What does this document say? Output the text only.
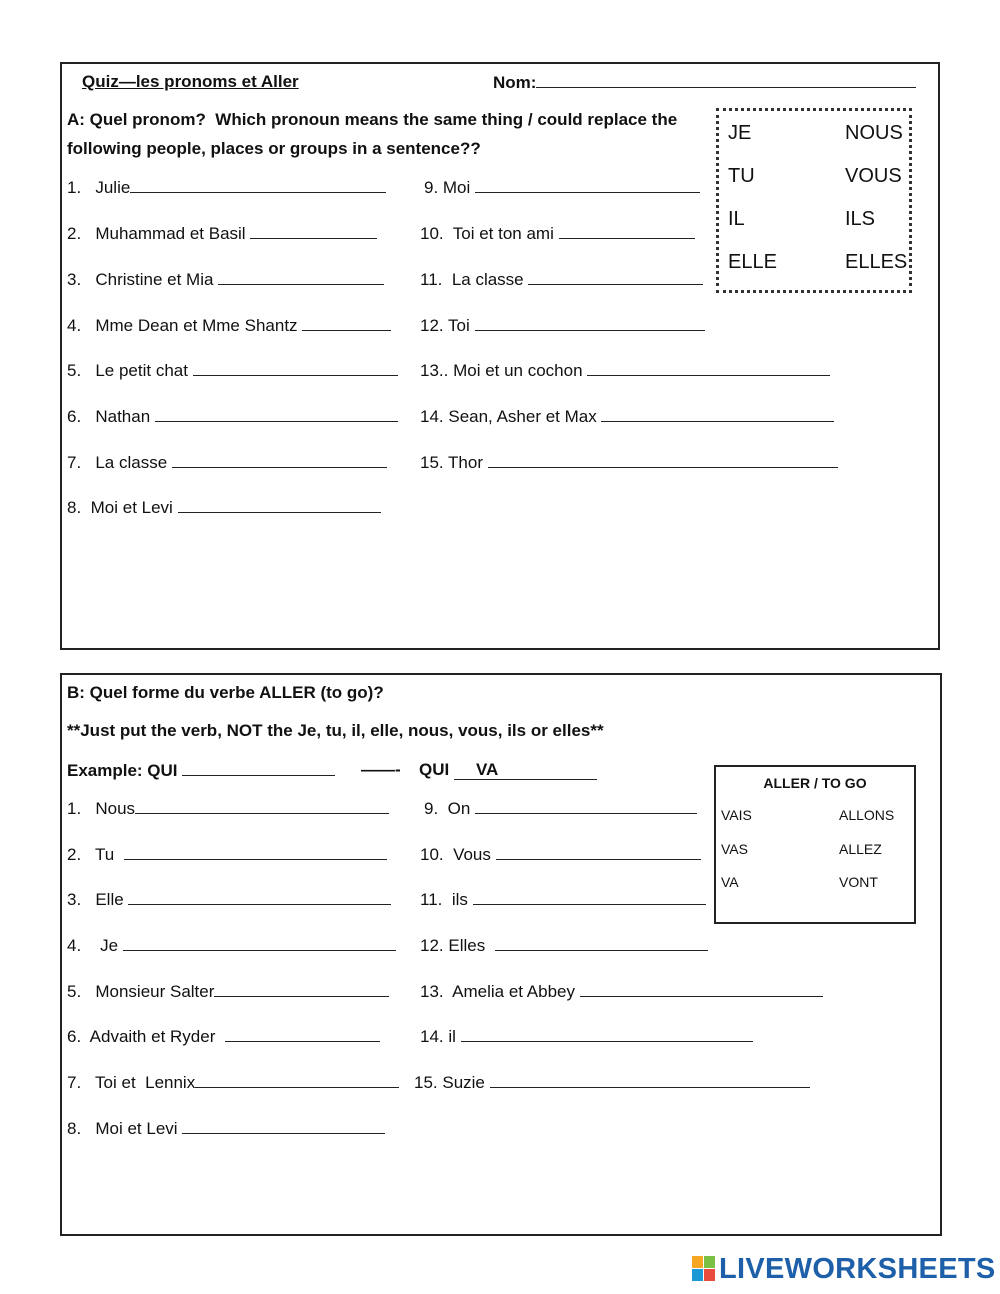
Quiz—les pronoms et Aller	Nom:
A: Quel pronom?  Which pronoun means the same thing / could replace the
following people, places or groups in a sentence??
1.   Julie
2.   Muhammad et Basil
3.   Christine et Mia
4.   Mme Dean et Mme Shantz
5.   Le petit chat
6.   Nathan
7.   La classe
8.  Moi et Levi
9. Moi
10.  Toi et ton ami
11.  La classe
12. Toi
13.. Moi et un cochon
14. Sean, Asher et Max
15. Thor
JE	NOUS
TU	VOUS
IL	ILS
ELLE	ELLES
B: Quel forme du verbe ALLER (to go)?
**Just put the verb, NOT the Je, tu, il, elle, nous, vous, ils or elles**
Example: QUI	——- QUI VA
1.   Nous
2.   Tu
3.   Elle
4.    Je
5.   Monsieur Salter
6.  Advaith et Ryder
7.   Toi et  Lennix
8.   Moi et Levi
9.  On
10.  Vous
11.  ils
12. Elles
13.  Amelia et Abbey
14. il
15. Suzie
ALLER / TO GO
VAIS	ALLONS
VAS	ALLEZ
VA	VONT
LIVEWORKSHEETS
